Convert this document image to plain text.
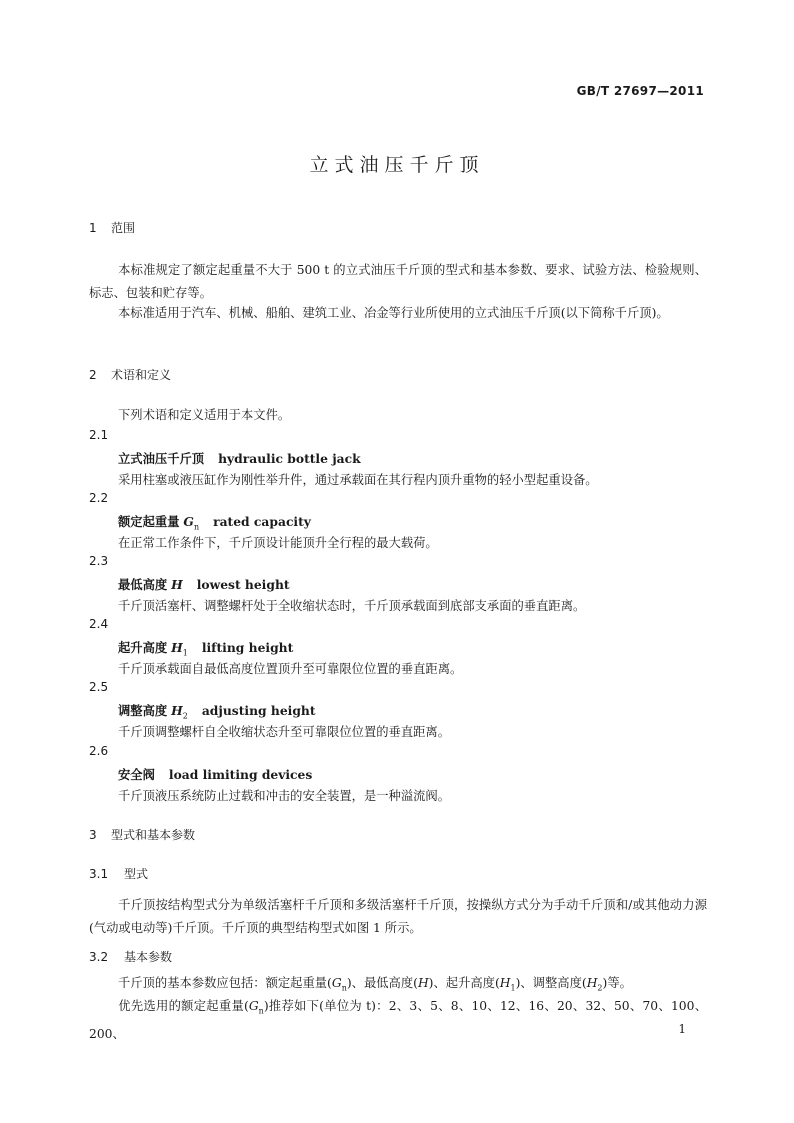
GB/T 27697—2011
立式油压千斤顶
1 范围
本标准规定了额定起重量不大于 500 t 的立式油压千斤顶的型式和基本参数、要求、试验方法、检验规则、标志、包装和贮存等。
本标准适用于汽车、机械、船舶、建筑工业、冶金等行业所使用的立式油压千斤顶(以下简称千斤顶)。
2 术语和定义
下列术语和定义适用于本文件。
2.1
立式油压千斤顶 hydraulic bottle jack
采用柱塞或液压缸作为刚性举升件，通过承载面在其行程内顶升重物的轻小型起重设备。
2.2
额定起重量 $G_n$ rated capacity
在正常工作条件下，千斤顶设计能顶升全行程的最大载荷。
2.3
最低高度 H lowest height
千斤顶活塞杆、调整螺杆处于全收缩状态时，千斤顶承载面到底部支承面的垂直距离。
2.4
起升高度 $H_1$ lifting height
千斤顶承载面自最低高度位置顶升至可靠限位位置的垂直距离。
2.5
调整高度 $H_2$ adjusting height
千斤顶调整螺杆自全收缩状态升至可靠限位位置的垂直距离。
2.6
安全阀 load limiting devices
千斤顶液压系统防止过载和冲击的安全装置，是一种溢流阀。
3 型式和基本参数
3.1 型式
千斤顶按结构型式分为单级活塞杆千斤顶和多级活塞杆千斤顶，按操纵方式分为手动千斤顶和/或其他动力源(气动或电动等)千斤顶。千斤顶的典型结构型式如图 1 所示。
3.2 基本参数
千斤顶的基本参数应包括：额定起重量$(G_n)$、最低高度(H)、起升高度$(H_1)$、调整高度$(H_2)$等。
优先选用的额定起重量$(G_n)$推荐如下(单位为 t)：2、3、5、8、10、12、16、20、32、50、70、100、200、	1
